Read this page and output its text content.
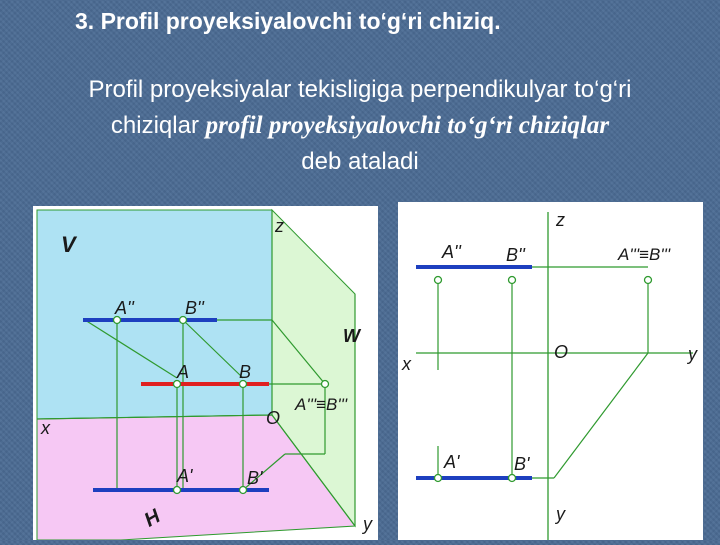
3. Profil proyeksiyalovchi to‘g‘ri chiziq.
Profil proyeksiyalar tekisligiga perpendikulyar to‘g‘ri
chiziqlar profil proyeksiyalovchi to‘g‘ri chiziqlar
deb ataladi
z
V
W
x	O
H	y
A''	B''
A	B
A'''≡B'''
A'	B'
z
x
O	y
y
A''	B''	A'''≡B'''
A'	B'
